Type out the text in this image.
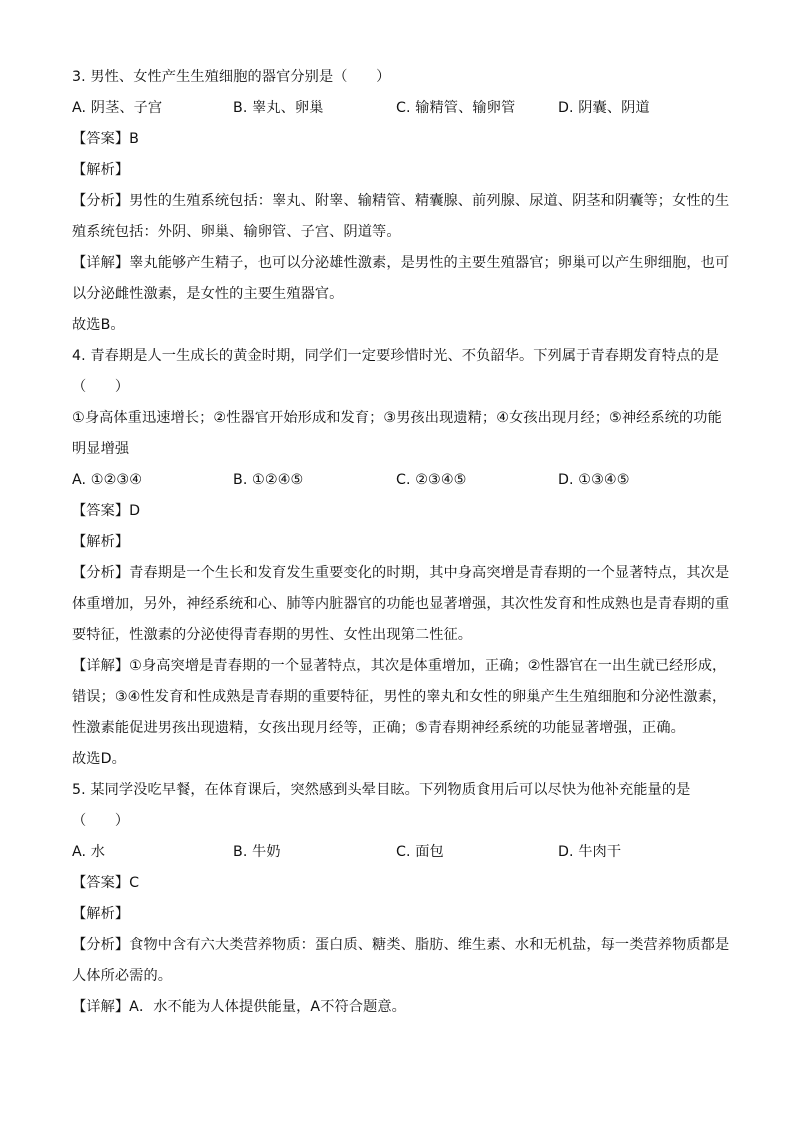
3. 男性、女性产生生殖细胞的器官分别是（　　）
A. 阴茎、子宫	B. 睾丸、卵巢	C. 输精管、输卵管	D. 阴囊、阴道
【答案】B
【解析】
【分析】男性的生殖系统包括：睾丸、附睾、输精管、精囊腺、前列腺、尿道、阴茎和阴囊等；女性的生
殖系统包括：外阴、卵巢、输卵管、子宫、阴道等。
【详解】睾丸能够产生精子，也可以分泌雄性激素，是男性的主要生殖器官；卵巢可以产生卵细胞，也可
以分泌雌性激素，是女性的主要生殖器官。
故选B。
4. 青春期是人一生成长的黄金时期，同学们一定要珍惜时光、不负韶华。下列属于青春期发育特点的是
（　　）
①身高体重迅速增长；②性器官开始形成和发育；③男孩出现遗精；④女孩出现月经；⑤神经系统的功能
明显增强
A. ①②③④	B. ①②④⑤	C. ②③④⑤	D. ①③④⑤
【答案】D
【解析】
【分析】青春期是一个生长和发育发生重要变化的时期，其中身高突增是青春期的一个显著特点，其次是
体重增加，另外，神经系统和心、肺等内脏器官的功能也显著增强，其次性发育和性成熟也是青春期的重
要特征，性激素的分泌使得青春期的男性、女性出现第二性征。
【详解】①身高突增是青春期的一个显著特点，其次是体重增加，正确；②性器官在一出生就已经形成，
错误；③④性发育和性成熟是青春期的重要特征，男性的睾丸和女性的卵巢产生生殖细胞和分泌性激素，
性激素能促进男孩出现遗精，女孩出现月经等，正确；⑤青春期神经系统的功能显著增强，正确。
故选D。
5. 某同学没吃早餐，在体育课后，突然感到头晕目眩。下列物质食用后可以尽快为他补充能量的是
（　　）
A. 水	B. 牛奶	C. 面包	D. 牛肉干
【答案】C
【解析】
【分析】食物中含有六大类营养物质：蛋白质、糖类、脂肪、维生素、水和无机盐，每一类营养物质都是
人体所必需的。
【详解】A．水不能为人体提供能量，A不符合题意。
